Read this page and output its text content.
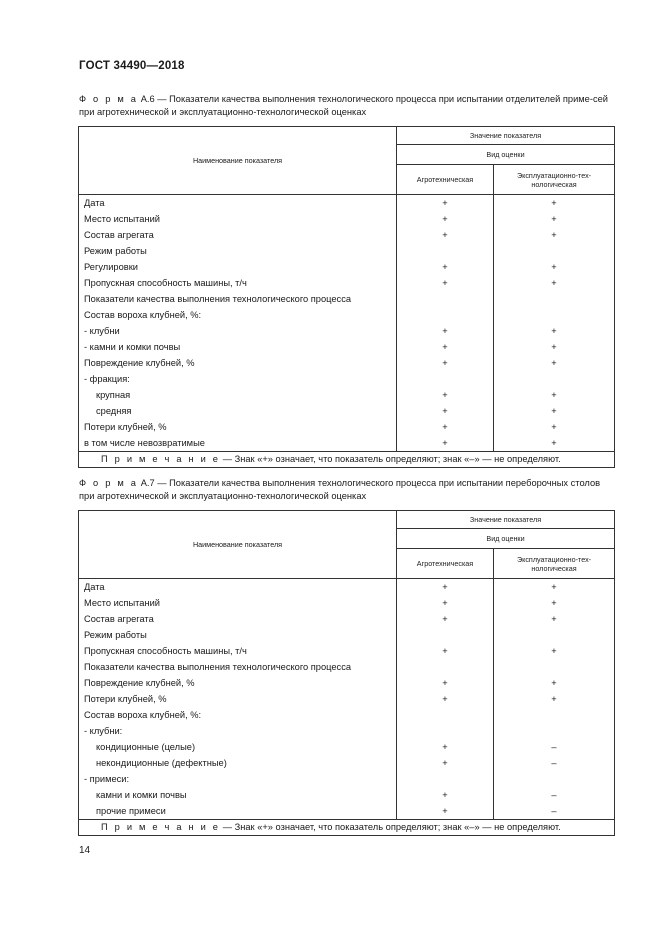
ГОСТ 34490—2018
Ф о р м а А.6 — Показатели качества выполнения технологического процесса при испытании отделителей приме-сей при агротехнической и эксплуатационно-технологической оценках
Наименование показателя	Значение показателя	
	Вид оценки	
	Агротехническая	Эксплуатационно-тех-нологическая
Дата	+	+
Место испытаний	+	+
Состав агрегата	+	+
Режим работы		
Регулировки	+	+
Пропускная способность машины, т/ч	+	+
Показатели качества выполнения технологического процесса		
Состав вороха клубней, %:		
- клубни	+	+
- камни и комки почвы	+	+
Повреждение клубней, %	+	+
- фракция:		
крупная	+	+
средняя	+	+
Потери клубней, %	+	+
в том числе невозвратимые	+	+
П р и м е ч а н и е — Знак «+» означает, что показатель определяют; знак «–» — не определяют.		
Ф о р м а А.7 — Показатели качества выполнения технологического процесса при испытании переборочных столов при агротехнической и эксплуатационно-технологической оценках
Наименование показателя	Значение показателя	
	Вид оценки	
	Агротехническая	Эксплуатационно-тех-нологическая
Дата	+	+
Место испытаний	+	+
Состав агрегата	+	+
Режим работы		
Пропускная способность машины, т/ч	+	+
Показатели качества выполнения технологического процесса		
Повреждение клубней, %	+	+
Потери клубней, %	+	+
Состав вороха клубней, %:		
- клубни:		
кондиционные (целые)	+	–
некондиционные (дефектные)	+	–
- примеси:		
камни и комки почвы	+	–
прочие примеси	+	–
П р и м е ч а н и е — Знак «+» означает, что показатель определяют; знак «–» — не определяют.		
14
